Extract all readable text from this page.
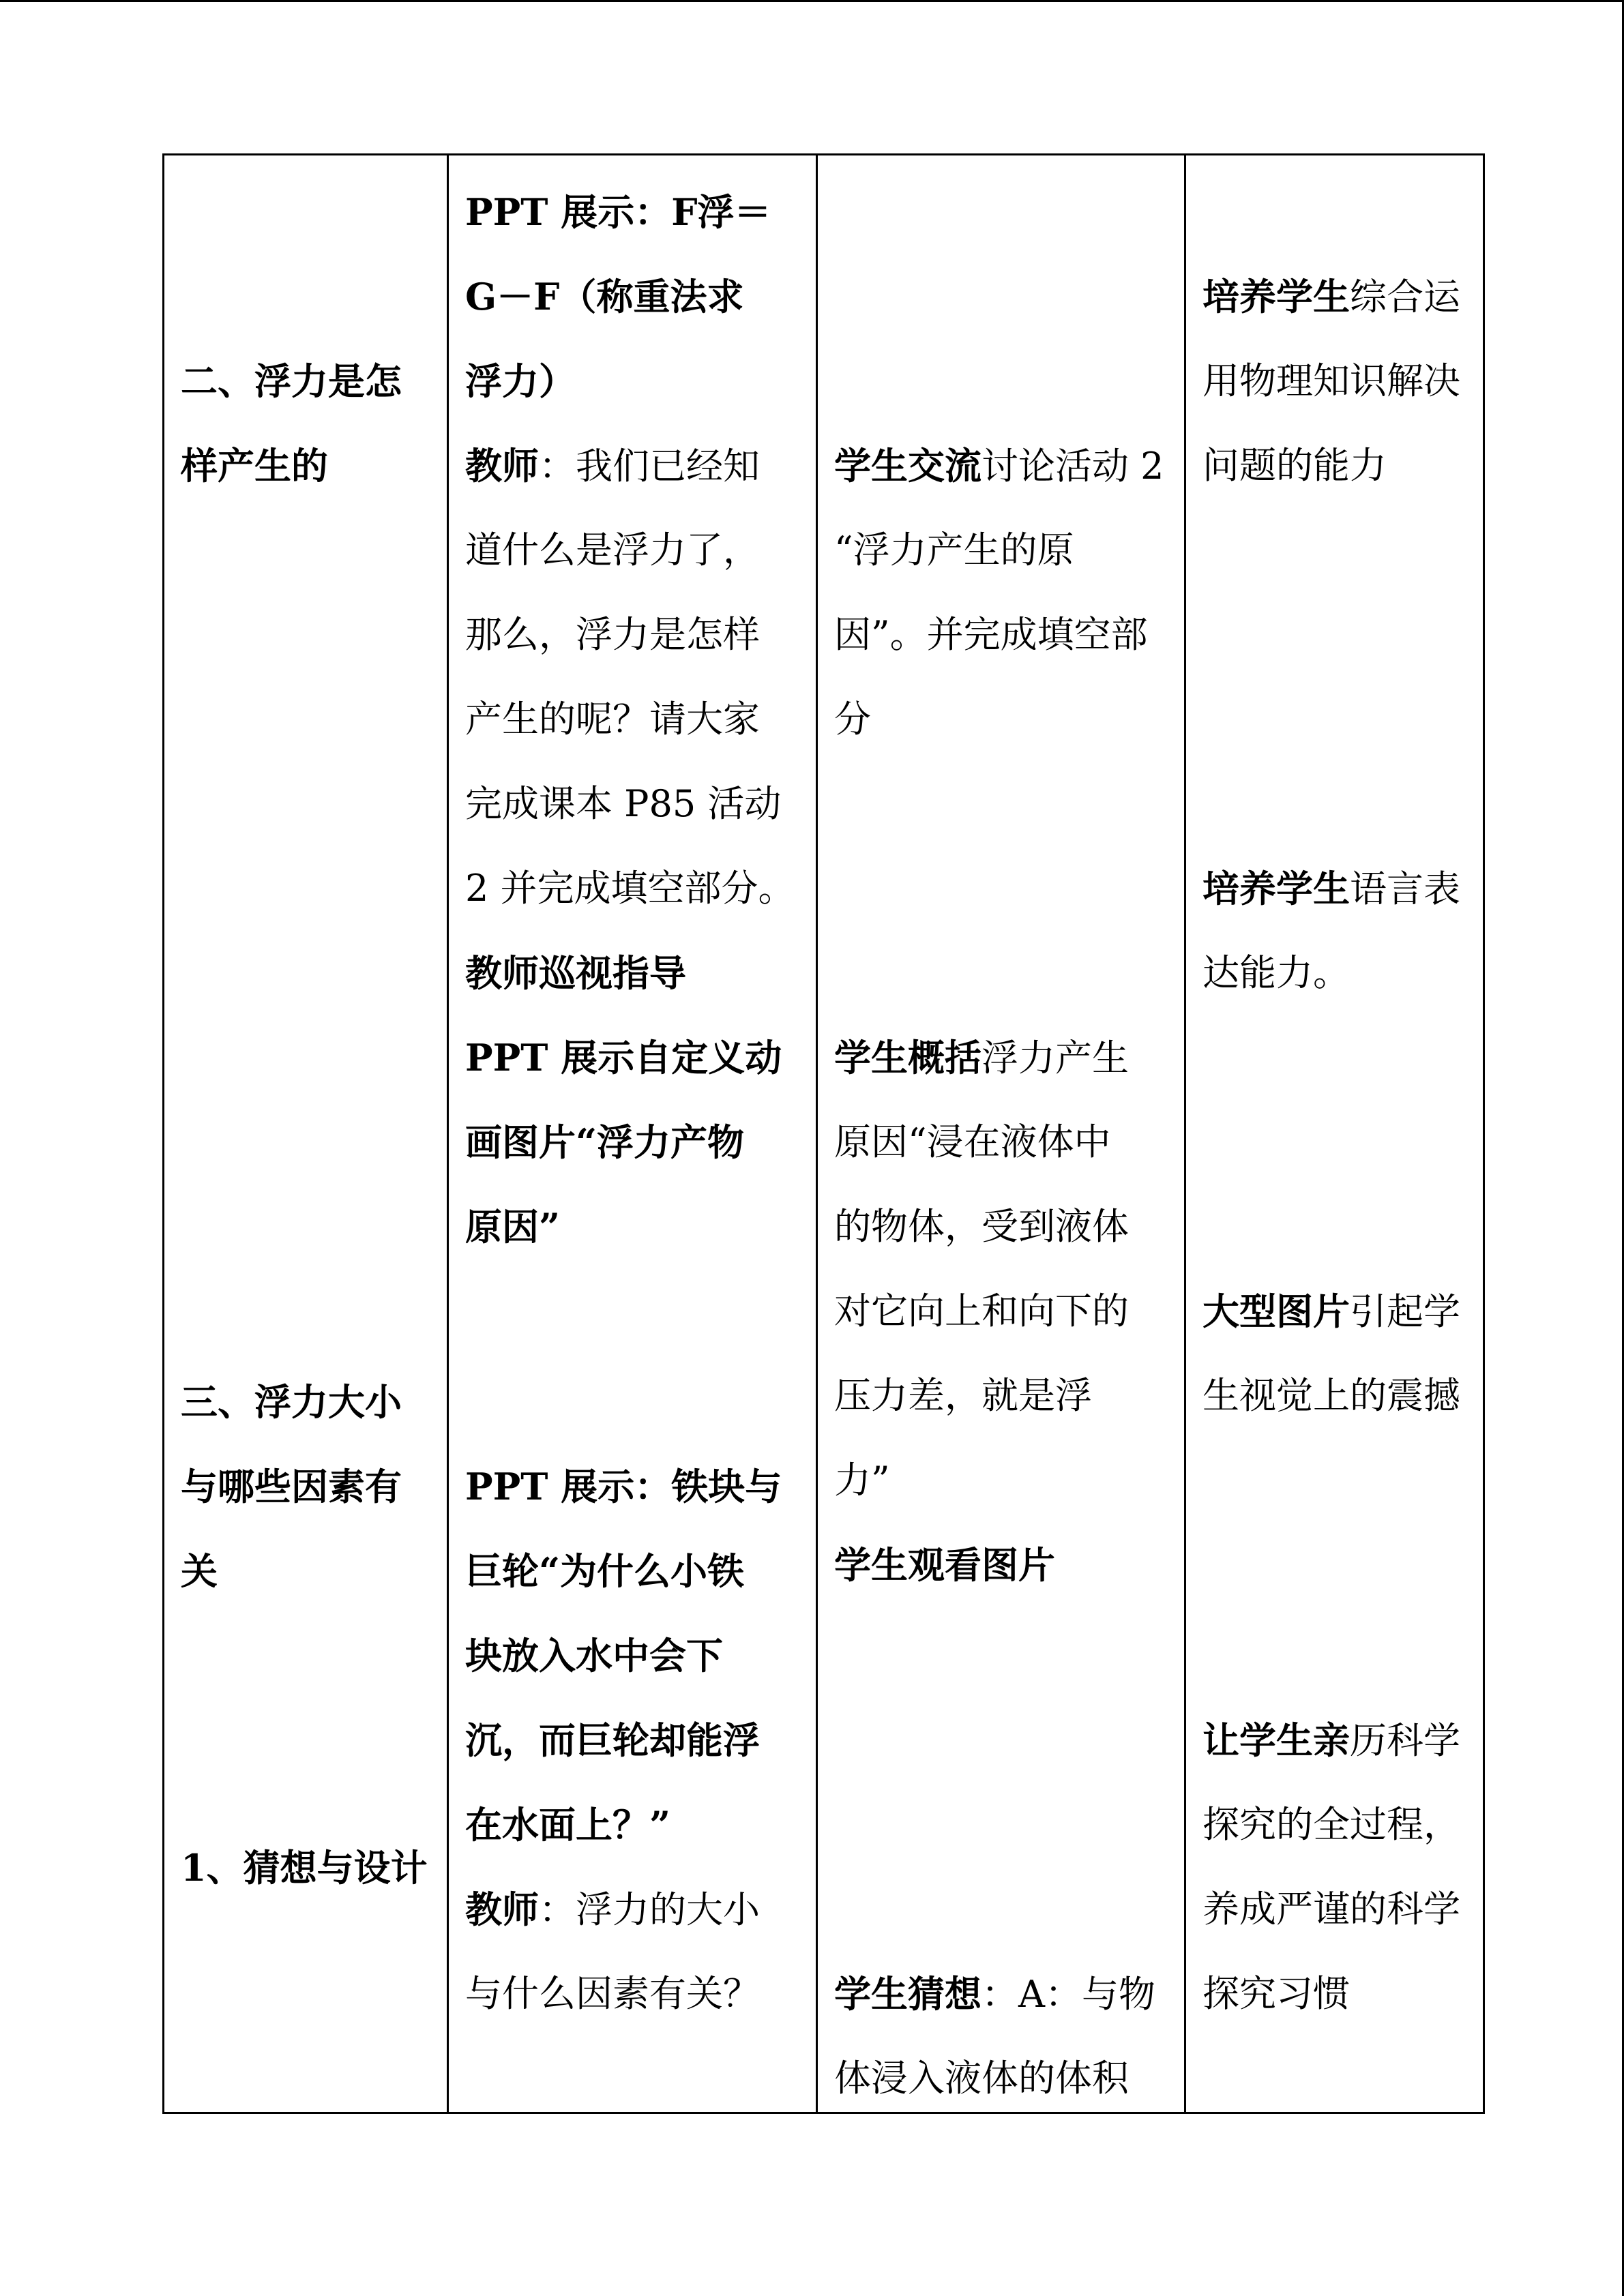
二、浮力是怎
样产生的
三、浮力大小
与哪些因素有
关
1、猜想与设计
PPT 展示：F浮＝
G－F（称重法求
浮力）
教师：我们已经知
道什么是浮力了，
那么，浮力是怎样
产生的呢？请大家
完成课本 P85 活动
2 并完成填空部分。
教师巡视指导
PPT 展示自定义动
画图片“浮力产物
原因”
PPT 展示：铁块与
巨轮“为什么小铁
块放入水中会下
沉，而巨轮却能浮
在水面上？”
教师：浮力的大小
与什么因素有关？
学生交流讨论活动 2
“浮力产生的原
因”。并完成填空部
分
学生概括浮力产生
原因“浸在液体中
的物体，受到液体
对它向上和向下的
压力差，就是浮
力”
学生观看图片
学生猜想：A：与物
体浸入液体的体积
培养学生综合运
用物理知识解决
问题的能力
培养学生语言表
达能力。
大型图片引起学
生视觉上的震撼
让学生亲历科学
探究的全过程，
养成严谨的科学
探究习惯
